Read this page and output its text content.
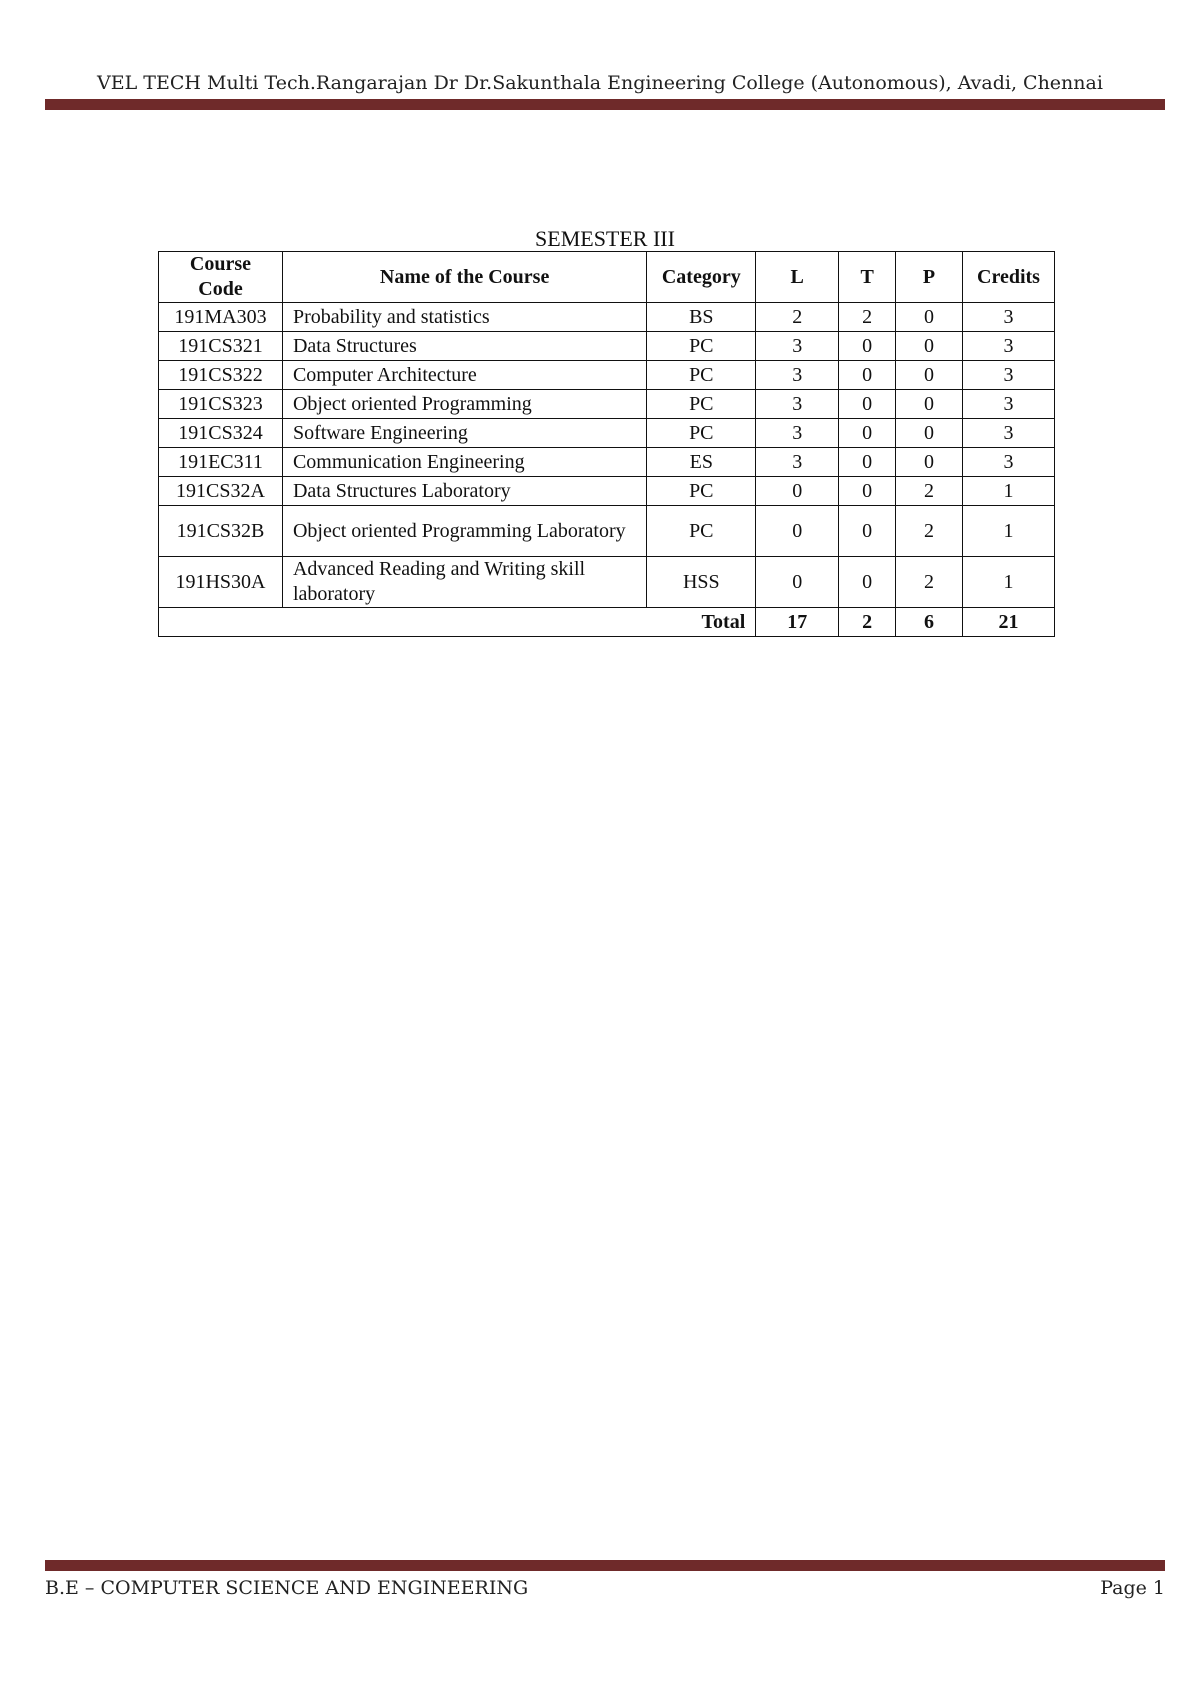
VEL TECH Multi Tech.Rangarajan Dr Dr.Sakunthala Engineering College (Autonomous), Avadi, Chennai
SEMESTER III
Course Code	Name of the Course	Category	L	T	P	Credits
191MA303	Probability and statistics	BS	2	2	0	3
191CS321	Data Structures	PC	3	0	0	3
191CS322	Computer Architecture	PC	3	0	0	3
191CS323	Object oriented Programming	PC	3	0	0	3
191CS324	Software Engineering	PC	3	0	0	3
191EC311	Communication Engineering	ES	3	0	0	3
191CS32A	Data Structures Laboratory	PC	0	0	2	1
191CS32B	Object oriented Programming Laboratory	PC	0	0	2	1
191HS30A	Advanced Reading and Writing skill laboratory	HSS	0	0	2	1
Total			17	2	6	21
B.E – COMPUTER SCIENCE AND ENGINEERING	Page 1
